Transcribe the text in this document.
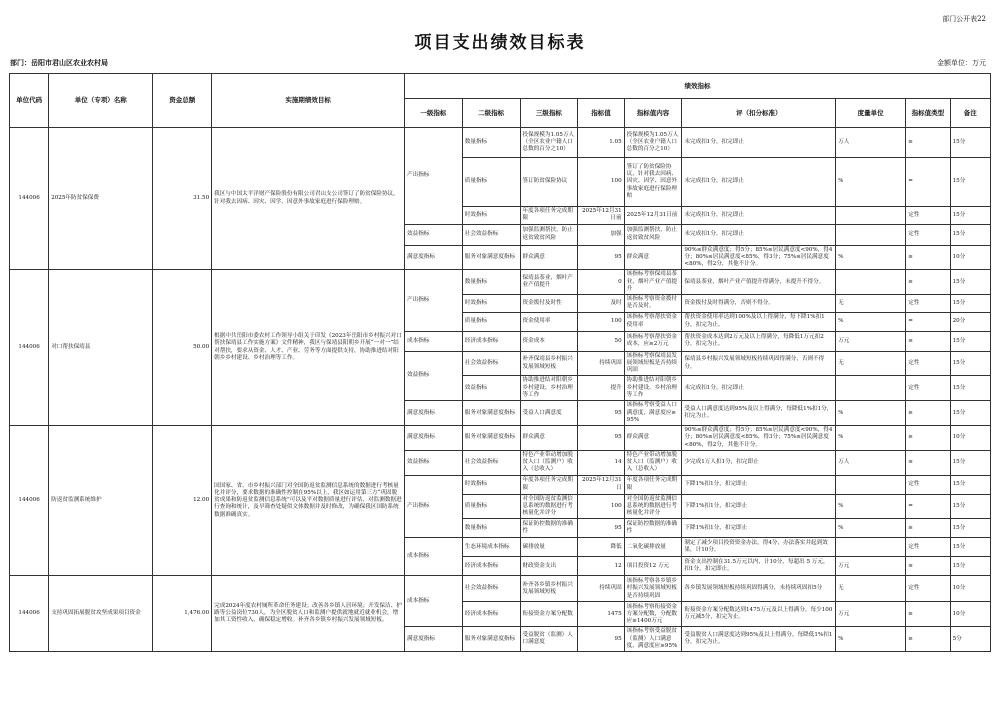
部门公开表22
项目支出绩效目标表
部门：岳阳市君山区农业农村局	金额单位：万元
单位代码	单位（专项）名称	资金总额	实施期绩效目标	绩效指标								
				一级指标	二级指标	三级指标	指标值	指标值内容	评（扣分标准）	度量单位	指标值类型	备注
144006	2025年防贫保保费	31.50	我区与中国太平洋财产保险股份有限公司君山支公司签订了防贫保险协议，针对我去因病、因灾、因学、因意外事故家庭进行保险理赔。	产出指标	数量指标	投保规模为1.05万人（全区农业户籍人口总数的百分之10）	1.05	投保规模为1.05万人（全区农业户籍人口总数的百分之10）	未完成扣1分，扣完即止	万人	≥	15分
					质量指标	签订防贫保险协议	100	签订了防贫保险协议，针对我去因病、因灾、因学、因意外事故家庭进行保险理赔	未完成扣1分，扣完即止	%	=	15分
					时效指标	年度各项任务完成期限	2025年12月31日前	2025年12月31日前	未完成扣1分，扣完即止		定性	15分
				效益指标	社会效益指标	加强监测帮扶，防止返贫致贫风险	加强	加强监测帮扶，防止返贫致贫风险	未完成扣1分，扣完即止		定性	15分
				满意度指标	服务对象满意度指标	群众满意	95	群众满意	90%≤群众满意度；得5分；85%≤居民满意度<90%，得4分；80%≤居民满意度<85%，得3分；75%≤居民满意度<80%，得2分，其他不计分。	%	≥	10分
144006	对口帮扶保靖县	50.00	根据中共岳阳市委农村工作领导小组关于印发《2023年岳阳市乡村振兴对口帮扶保靖县工作实施方案》文件精神，我区与保靖县阳朝乡开展“一对一”结对帮扶，要求从资金、人才、产业、劳务等方面提供支持，协助推进结对阳朝乡乡村建设、乡村治理等工作。	产出指标	数量指标	保靖县茶业，烟叶产业产值提升	0	该指标考察保靖县茶业，烟叶产业产值提升	保靖县茶业，烟叶产业产值提升得满分，未提升不得分。		≥	15分
					时效指标	资金拨付及时性	及时	该指标考察资金拨付是否及时。	资金拨付及时得满分，否则不得分。	无	定性	15分
					质量指标	资金使用率	100	该指标考察帮扶资金使用率	帮扶资金使用率达到100%及以上得满分，每下降1%扣1分，扣完为止。	%	=	20分
				成本指标	经济成本指标	资金成本	50	该指标考察帮扶资金成本，应≥2万元	帮扶资金成本达到2万元及以上得满分，每降低1万元扣2分，扣完为止。	万元	≤	15分
				效益指标	社会效益指标	补齐保靖县乡村振兴发展领域短板	持续巩固	该指标考察保靖县发展领域短板是否持续巩固	保靖县乡村振兴发展领域短板持续巩固得满分，否则不得分。	无	定性	15分
					效益指标	协助推进结对阳朝乡乡村建设、乡村治理等工作	提升	协助推进结对阳朝乡乡村建设、乡村治理等工作	未完成扣1分，扣完即止		定性	15分
				满意度指标	服务对象满意度指标	受益人口满意度	95	该指标考察受益人口满意度，满意度应≥95%	受益人口满意度达到95%及以上得满分，每降低1%扣1分，扣完为止。	%	≥	15分
144006	防返贫监测系统维护	12.00	国国家、省、市乡村振兴部门对全国防返贫监测信息系统的数据进行考核量化并评分，要求数据的准确性控制在95%以上，我区如运用第三方“巩固脱贫成果和防返贫监测信息系统”可以及平对数据质量进行评估，对监测数据进行查询和统计，及早筛查处疑似文体数据并及时修改，为确保我区国防系统数据准确真实。	满意度指标	服务对象满意度指标	群众满意	95	群众满意	90%≤群众满意度；得5分；85%≤居民满意度<90%，得4分；80%≤居民满意度<85%，得3分；75%≤居民满意度<80%，得2分，其他不计分。	%	≥	10分
				效益指标	社会效益指标	特色产业带动增加脱贫人口（监测户）收入（总收入）	14	特色产业带动增加脱贫人口（监测户）收入（总收入）	少完成1万人扣1分，扣完即止	万人	≤	15分
				产出指标	时效指标	年度各项任务完成期限	2025年12月31日	年度各项任务完成期限	下降1%扣1分，扣完即止		定性	15分
					质量指标	对全国防返贫监测信息系统的数据进行考核量化并评分	100	对全国防返贫监测信息系统的数据进行考核量化并评分	下降1%扣1分，扣完即止	%	=	15分
					数量指标	保证防控数据的准确性	95	保证防控数据的准确性	下降1%扣1分，扣完即止	%	≥	15分
				成本指标	生态环境成本指标	碳排放量	降低	二氧化碳排放量	制定了减少项目投资资金办法，得4分，办法落实并起到效果，计10分。		定性	15分
					经济成本指标	财政资金支出	12	项目投资12 万元	资金支出控制在31.5万元以内，计10分，每超出 5 万元，扣1分，扣完即止。	万元	≤	15分
144006	支持巩固拓展脱贫攻坚成果项目资金	1,476.00	完成2024年度农村厕所革命任务建设；改善各乡镇人居环境；开发保洁、护路等公益岗位730人，为全区脱贫人口和监测户提供就地就近就业机会，增加其工资性收入，确保稳定增收。补齐各乡镇乡村振兴发展领域短板。	成本指标	社会效益指标	补齐各乡镇乡村振兴发展领域短板	持续巩固	该指标考察各乡镇乡村振兴发展领域短板是否持续巩固	各乡镇发展领域短板持续巩固得满分，未持续巩固扣5分	无	定性	10分
					经济成本指标	衔接资金方案分配数	1475	该指标考察衔接资金方案分配数，分配数应≥1400万元	衔接资金方案分配数达到1475万元及以上得满分，每少100万元减5分，扣完为止。	万元	≥	10分
				满意度指标	服务对象满意度指标	受益脱贫（监测）人口满意度	95	该指标考察受益脱贫（监测）人口满意度，满意度应≥95%	受益脱贫人口满意度达到95%及以上得满分，每降低1%扣1分，扣完为止。	%	≥	5分
